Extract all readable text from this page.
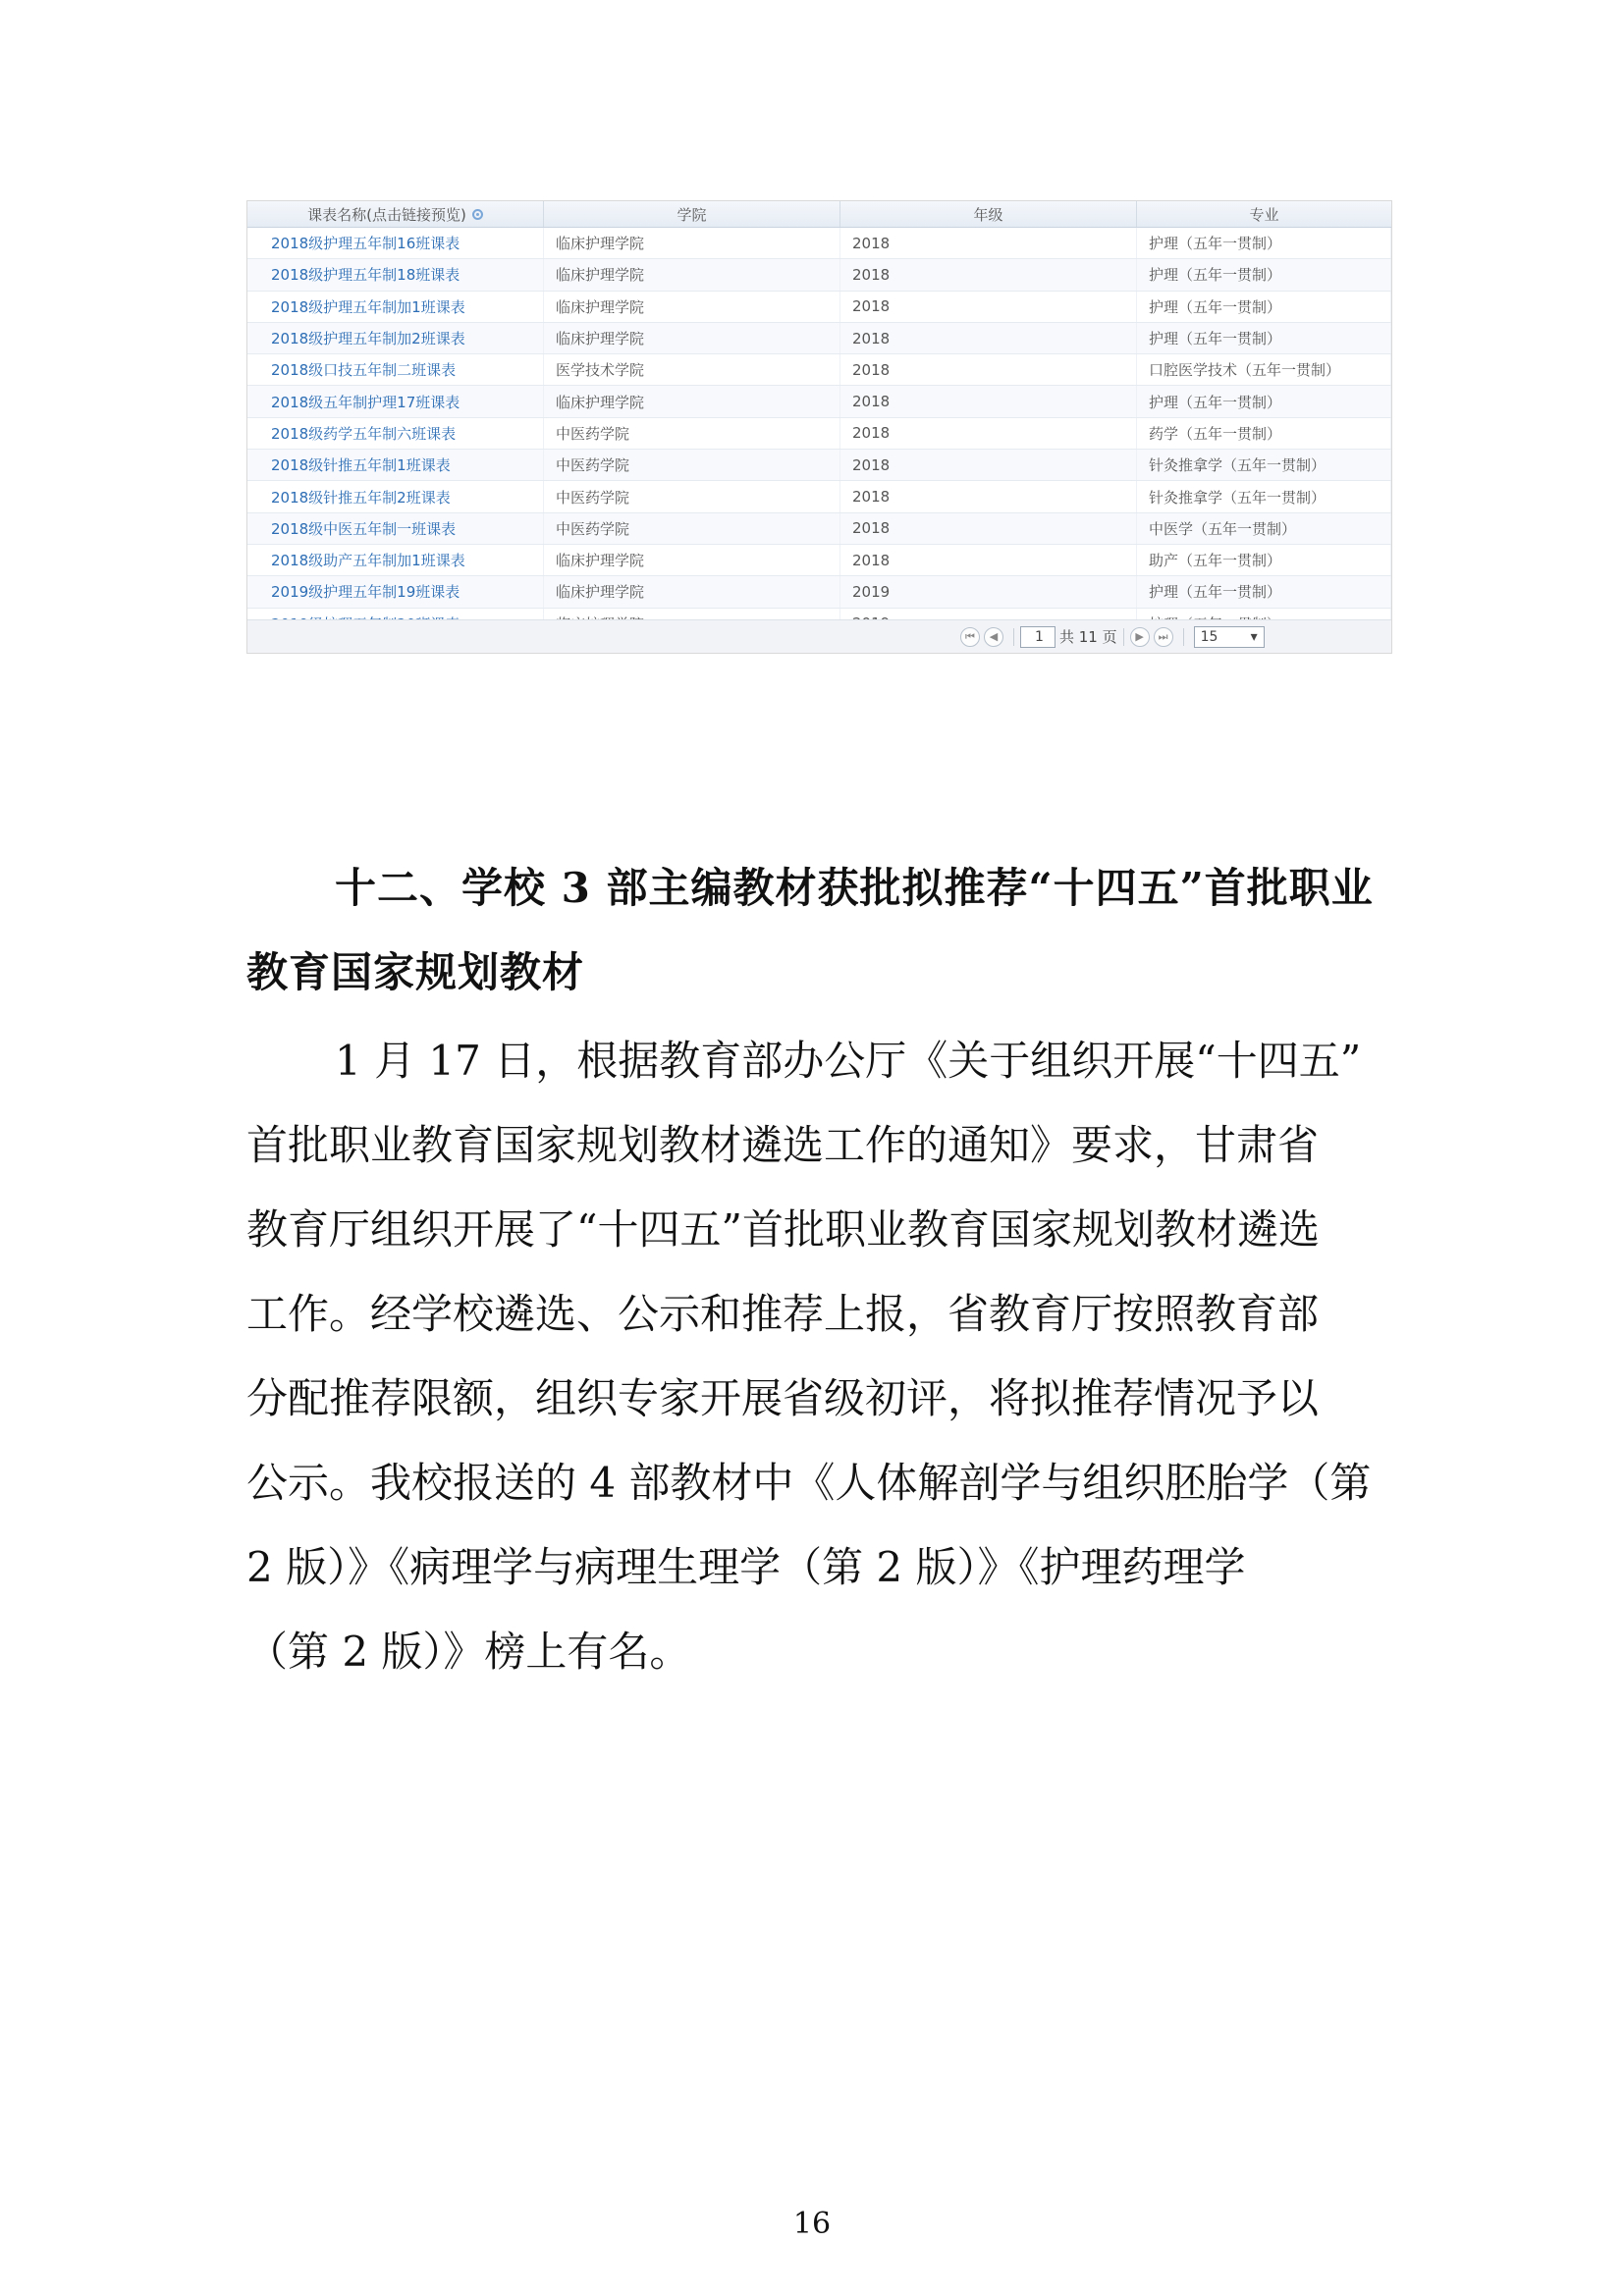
课表名称(点击链接预览)	学院	年级	专业
2018级护理五年制16班课表	临床护理学院	2018	护理（五年一贯制）
2018级护理五年制18班课表	临床护理学院	2018	护理（五年一贯制）
2018级护理五年制加1班课表	临床护理学院	2018	护理（五年一贯制）
2018级护理五年制加2班课表	临床护理学院	2018	护理（五年一贯制）
2018级口技五年制二班课表	医学技术学院	2018	口腔医学技术（五年一贯制）
2018级五年制护理17班课表	临床护理学院	2018	护理（五年一贯制）
2018级药学五年制六班课表	中医药学院	2018	药学（五年一贯制）
2018级针推五年制1班课表	中医药学院	2018	针灸推拿学（五年一贯制）
2018级针推五年制2班课表	中医药学院	2018	针灸推拿学（五年一贯制）
2018级中医五年制一班课表	中医药学院	2018	中医学（五年一贯制）
2018级助产五年制加1班课表	临床护理学院	2018	助产（五年一贯制）
2019级护理五年制19班课表	临床护理学院	2019	护理（五年一贯制）
⏮	◀	1	共 11 页	▶	⏭	15 ▾
十二、学校 3 部主编教材获批拟推荐“十四五”首批职业
教育国家规划教材
1 月 17 日，根据教育部办公厅《关于组织开展“十四五”
首批职业教育国家规划教材遴选工作的通知》要求，甘肃省
教育厅组织开展了“十四五”首批职业教育国家规划教材遴选
工作。经学校遴选、公示和推荐上报，省教育厅按照教育部
分配推荐限额，组织专家开展省级初评，将拟推荐情况予以
公示。我校报送的 4 部教材中《人体解剖学与组织胚胎学（第
2 版）》《病理学与病理生理学（第 2 版）》《护理药理学
（第 2 版）》榜上有名。
16
